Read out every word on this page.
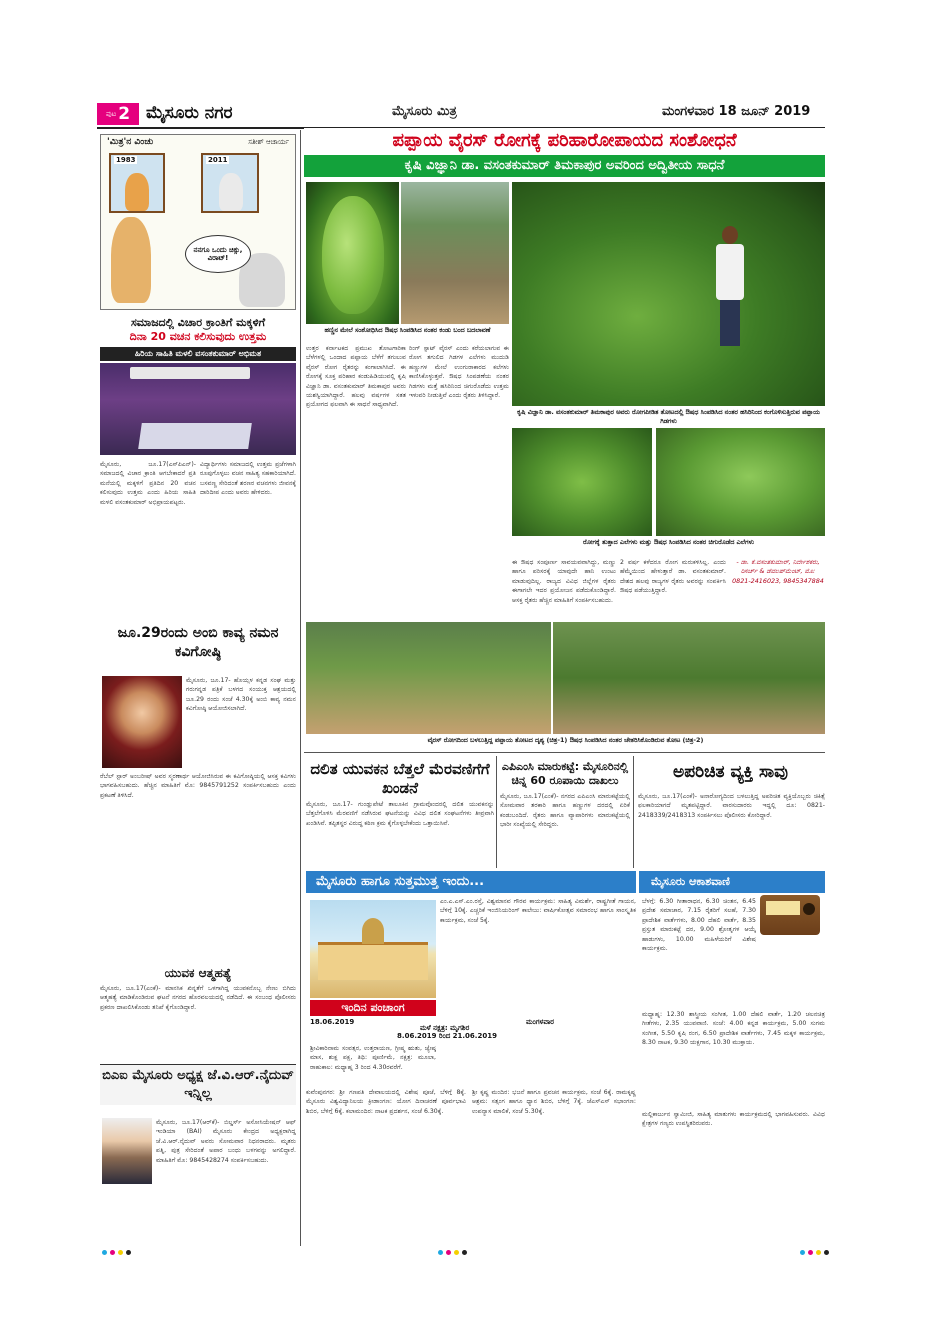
ಪುಟ 2 ಮೈಸೂರು ನಗರ	ಮೈಸೂರು ಮಿತ್ರ	ಮಂಗಳವಾರ 18 ಜೂನ್ 2019
'ಮಿತ್ರ'ನ ವಿಂಚು	ಸತೀಶ್ ಆಚಾರ್ಯ
1983	2011
ನನಗೂ ಒಂದು ಚಿಕ್ಸು, ವಿರಾಟ್!
ಸಮಾಜದಲ್ಲಿ ವಿಚಾರ ಕ್ರಾಂತಿಗೆ ಮಕ್ಕಳಿಗೆ
ದಿನಾ 20 ವಚನ ಕಲಿಸುವುದು ಉತ್ತಮ
ಹಿರಿಯ ಸಾಹಿತಿ ಮಳಲಿ ವಸಂತಕುಮಾರ್ ಅಭಿಮತ
ಮೈಸೂರು, ಜೂ.17(ಎಸ್‌ಪಿಎನ್)- ಸಮಾಜದಲ್ಲಿ ವಿಚಾರ ಕ್ರಾಂತಿ ಆಗಬೇಕಾದರೆ ಪ್ರತಿ ಮನೆಯಲ್ಲಿ ಮಕ್ಕಳಿಗೆ ಪ್ರತಿದಿನ 20 ವಚನ ಕಲಿಸುವುದು ಉತ್ತಮ ಎಂದು ಹಿರಿಯ ಸಾಹಿತಿ ಮಳಲಿ ವಸಂತಕುಮಾರ್ ಅಭಿಪ್ರಾಯಪಟ್ಟರು.
ವಿದ್ಯಾರ್ಥಿಗಳು ಸಮಾಜದಲ್ಲಿ ಉತ್ತಮ ಪ್ರಜೆಗಳಾಗಿ ರೂಪುಗೊಳ್ಳಲು ವಚನ ಸಾಹಿತ್ಯ ಸಹಕಾರಿಯಾಗಿದೆ. ಬಸವಣ್ಣ ಸೇರಿದಂತೆ ಶರಣರ ವಚನಗಳು ಜೀವನಕ್ಕೆ ದಾರಿದೀಪ ಎಂದು ಅವರು ಹೇಳಿದರು.
ಜೂ.29ರಂದು ಅಂಬಿ ಕಾವ್ಯ ನಮನ ಕವಿಗೋಷ್ಠಿ
ಮೈಸೂರು, ಜೂ.17- ಹೊಯ್ಸಳ ಕನ್ನಡ ಸಂಘ ಮತ್ತು ಗರುಗನ್ನಡ ಪತ್ರಿಕೆ ಬಳಗದ ಸಂಯುಕ್ತ ಆಶ್ರಯದಲ್ಲಿ ಜೂ.29 ರಂದು ಸಂಜೆ 4.30ಕ್ಕೆ ಅಂಬಿ ಕಾವ್ಯ ನಮನ ಕವಿಗೋಷ್ಠಿ ಆಯೋಜಿಸಲಾಗಿದೆ.
ರೆಬೆಲ್ ಸ್ಟಾರ್ ಅಂಬರೀಷ್ ಅವರ ಸ್ಮರಣಾರ್ಥ ಆಯೋಜಿಸಿರುವ ಈ ಕವಿಗೋಷ್ಠಿಯಲ್ಲಿ ಆಸಕ್ತ ಕವಿಗಳು ಭಾಗವಹಿಸಬಹುದು. ಹೆಚ್ಚಿನ ಮಾಹಿತಿಗೆ ಮೊ: 9845791252 ಸಂಪರ್ಕಿಸಬಹುದು ಎಂದು ಪ್ರಕಟಣೆ ತಿಳಿಸಿದೆ.
ಯುವಕ ಆತ್ಮಹತ್ಯೆ
ಮೈಸೂರು, ಜೂ.17(ಎಂಕೆ)- ಮಾನಸಿಕ ಖಿನ್ನತೆಗೆ ಒಳಗಾಗಿದ್ದ ಯುವಕನೊಬ್ಬ ನೇಣು ಬಿಗಿದು ಆತ್ಮಹತ್ಯೆ ಮಾಡಿಕೊಂಡಿರುವ ಘಟನೆ ನಗರದ ಹೊರವಲಯದಲ್ಲಿ ನಡೆದಿದೆ. ಈ ಸಂಬಂಧ ಪೊಲೀಸರು ಪ್ರಕರಣ ದಾಖಲಿಸಿಕೊಂಡು ತನಿಖೆ ಕೈಗೊಂಡಿದ್ದಾರೆ.
ಬಿಎಐ ಮೈಸೂರು ಅಧ್ಯಕ್ಷ ಜೆ.ವಿ.ಆರ್.ನೈದುವ್ ಇನ್ನಿಲ್ಲ
ಮೈಸೂರು, ಜೂ.17(ಆರ್‌ಕೆ)- ಬಿಲ್ಡರ್ಸ್ ಅಸೋಸಿಯೇಷನ್ ಆಫ್ ಇಂಡಿಯಾ (BAI) ಮೈಸೂರು ಕೇಂದ್ರದ ಅಧ್ಯಕ್ಷರಾಗಿದ್ದ ಜೆ.ವಿ.ಆರ್.ನೈದುವ್ ಅವರು ಸೋಮವಾರ ನಿಧನರಾದರು. ಮೃತರು ಪತ್ನಿ, ಪುತ್ರ ಸೇರಿದಂತೆ ಅಪಾರ ಬಂಧು ಬಳಗವನ್ನು ಅಗಲಿದ್ದಾರೆ. ಮಾಹಿತಿಗೆ ಮೊ: 9845428274 ಸಂಪರ್ಕಿಸಬಹುದು.
ಪಪ್ಪಾಯ ವೈರಸ್ ರೋಗಕ್ಕೆ ಪರಿಹಾರೋಪಾಯದ ಸಂಶೋಧನೆ
ಕೃಷಿ ವಿಜ್ಞಾನಿ ಡಾ. ವಸಂತಕುಮಾರ್ ತಿಮಕಾಪುರ ಅವರಿಂದ ಅದ್ವಿತೀಯ ಸಾಧನೆ
ಹಣ್ಣಿನ ಮೇಲೆ ಸಂಶೋಧಿಸಿದ ಔಷಧ ಸಿಂಪಡಿಸಿದ ನಂತರ ಕಂಡು ಬಂದ ಬದಲಾವಣೆ
ಉತ್ತರ ಕರ್ನಾಟಕದ ಪ್ರಮುಖ ತೋಟಗಾರಿಕಾ ಬೆಳೆಗಳಲ್ಲಿ ಒಂದಾದ ಪಪ್ಪಾಯ ಬೆಳೆಗೆ ತಗುಲುವ ವೈರಸ್ ರೋಗ ರೈತರನ್ನು ಕಂಗಾಲಾಗಿಸಿದೆ. ಈ ರೋಗಕ್ಕೆ ಸೂಕ್ತ ಪರಿಹಾರ ಕಂಡುಹಿಡಿಯುವಲ್ಲಿ ಕೃಷಿ ವಿಜ್ಞಾನಿ ಡಾ. ವಸಂತಕುಮಾರ್ ತಿಮಕಾಪುರ ಅವರು ಯಶಸ್ವಿಯಾಗಿದ್ದಾರೆ. ಹಲವು ವರ್ಷಗಳ ಸತತ ಪ್ರಯೋಗದ ಫಲವಾಗಿ ಈ ಸಾಧನೆ ಸಾಧ್ಯವಾಗಿದೆ.
ರಿಂಗ್ ಸ್ಪಾಟ್ ವೈರಸ್ ಎಂದು ಕರೆಯಲಾಗುವ ಈ ರೋಗ ತಗುಲಿದ ಗಿಡಗಳ ಎಲೆಗಳು ಮುದುಡಿ ಹಣ್ಣುಗಳ ಮೇಲೆ ಉಂಗುರಾಕಾರದ ಕಲೆಗಳು ಕಾಣಿಸಿಕೊಳ್ಳುತ್ತವೆ. ಔಷಧ ಸಿಂಪಡಣೆಯ ನಂತರ ಗಿಡಗಳು ಮತ್ತೆ ಹಸಿರಿನಿಂದ ಚಿಗುರೊಡೆದು ಉತ್ತಮ ಇಳುವರಿ ನೀಡುತ್ತಿವೆ ಎಂದು ರೈತರು ತಿಳಿಸಿದ್ದಾರೆ.
ಕೃಷಿ ವಿಜ್ಞಾನಿ ಡಾ. ವಸಂತಕುಮಾರ್ ತಿಮಕಾಪುರ ಅವರು ರೋಗಪೀಡಿತ ತೋಟದಲ್ಲಿ ಔಷಧ ಸಿಂಪಡಿಸಿದ ನಂತರ ಹಸಿರಿನಿಂದ ಕಂಗೊಳಿಸುತ್ತಿರುವ ಪಪ್ಪಾಯ ಗಿಡಗಳು
ರೋಗಕ್ಕೆ ತುತ್ತಾದ ಎಲೆಗಳು ಮತ್ತು ಔಷಧ ಸಿಂಪಡಿಸಿದ ನಂತರ ಚಿಗುರೊಡೆದ ಎಲೆಗಳು
ಈ ಔಷಧ ಸಂಪೂರ್ಣ ಸಾವಯವವಾಗಿದ್ದು, ಮಣ್ಣು ಹಾಗೂ ಪರಿಸರಕ್ಕೆ ಯಾವುದೇ ಹಾನಿ ಉಂಟು ಮಾಡುವುದಿಲ್ಲ. ರಾಜ್ಯದ ವಿವಿಧ ಜಿಲ್ಲೆಗಳ ರೈತರು ಈಗಾಗಲೇ ಇದರ ಪ್ರಯೋಜನ ಪಡೆದುಕೊಂಡಿದ್ದಾರೆ. ಆಸಕ್ತ ರೈತರು ಹೆಚ್ಚಿನ ಮಾಹಿತಿಗೆ ಸಂಪರ್ಕಿಸಬಹುದು.
2 ವರ್ಷ ಕಳೆದರೂ ರೋಗ ಮರುಕಳಿಸಿಲ್ಲ. ಎಂದು ಹೆಮ್ಮೆಯಿಂದ ಹೇಳುತ್ತಾರೆ ಡಾ. ವಸಂತಕುಮಾರ್. ದೇಶದ ಹಲವು ರಾಜ್ಯಗಳ ರೈತರು ಅವರನ್ನು ಸಂಪರ್ಕಿಸಿ ಔಷಧ ಪಡೆಯುತ್ತಿದ್ದಾರೆ.
- ಡಾ. ಕೆ.ವಸಂತಕುಮಾರ್, ನಿರ್ದೇಶಕರು, ರಿಸರ್ಚ್ & ಡೆವಲಪ್‌ಮೆಂಟ್, ಮೊ: 0821-2416023, 9845347884
ವೈರಸ್ ರೋಗದಿಂದ ಬಳಲುತ್ತಿದ್ದ ಪಪ್ಪಾಯ ತೋಟದ ದೃಶ್ಯ (ಚಿತ್ರ-1) ಔಷಧ ಸಿಂಪಡಿಸಿದ ನಂತರ ಚೇತರಿಸಿಕೊಂಡಿರುವ ತೋಟ (ಚಿತ್ರ-2)
ದಲಿತ ಯುವಕನ ಬೆತ್ತಲೆ ಮೆರವಣಿಗೆಗೆ ಖಂಡನೆ
ಮೈಸೂರು, ಜೂ.17- ಗುಂಡ್ಲುಪೇಟೆ ತಾಲೂಕಿನ ಗ್ರಾಮವೊಂದರಲ್ಲಿ ದಲಿತ ಯುವಕನನ್ನು ಬೆತ್ತಲೆಗೊಳಿಸಿ ಮೆರವಣಿಗೆ ನಡೆಸಿರುವ ಘಟನೆಯನ್ನು ವಿವಿಧ ದಲಿತ ಸಂಘಟನೆಗಳು ತೀವ್ರವಾಗಿ ಖಂಡಿಸಿವೆ. ತಪ್ಪಿತಸ್ಥರ ವಿರುದ್ಧ ಕಠಿಣ ಕ್ರಮ ಕೈಗೊಳ್ಳಬೇಕೆಂದು ಒತ್ತಾಯಿಸಿವೆ.
ಎಪಿಎಂಸಿ ಮಾರುಕಟ್ಟೆ: ಮೈಸೂರಿನಲ್ಲಿ ಚಿನ್ನ 60 ರೂಪಾಯಿ ದಾಖಲು
ಮೈಸೂರು, ಜೂ.17(ಎಂಕೆ)- ನಗರದ ಎಪಿಎಂಸಿ ಮಾರುಕಟ್ಟೆಯಲ್ಲಿ ಸೋಮವಾರ ತರಕಾರಿ ಹಾಗೂ ಹಣ್ಣುಗಳ ದರದಲ್ಲಿ ಏರಿಕೆ ಕಂಡುಬಂದಿದೆ. ರೈತರು ಹಾಗೂ ವ್ಯಾಪಾರಿಗಳು ಮಾರುಕಟ್ಟೆಯಲ್ಲಿ ಭಾರೀ ಸಂಖ್ಯೆಯಲ್ಲಿ ಸೇರಿದ್ದರು.
ಅಪರಿಚಿತ ವ್ಯಕ್ತಿ ಸಾವು
ಮೈಸೂರು, ಜೂ.17(ಎಂಕೆ)- ಅನಾರೋಗ್ಯದಿಂದ ಬಳಲುತ್ತಿದ್ದ ಅಪರಿಚಿತ ವ್ಯಕ್ತಿಯೊಬ್ಬರು ಚಿಕಿತ್ಸೆ ಫಲಕಾರಿಯಾಗದೆ ಮೃತಪಟ್ಟಿದ್ದಾರೆ. ವಾರಸುದಾರರು ಇದ್ದಲ್ಲಿ ದೂ: 0821-2418339/2418313 ಸಂಪರ್ಕಿಸಲು ಪೊಲೀಸರು ಕೋರಿದ್ದಾರೆ.
ಮೈಸೂರು ಹಾಗೂ ಸುತ್ತಮುತ್ತ ಇಂದು...
ಇಂದಿನ ಪಂಚಾಂಗ
18.06.2019
ಮಳೆ ನಕ್ಷತ್ರ: ಮೃಗಶಿರ
ಮಂಗಳವಾರ
8.06.2019 ರಿಂದ 21.06.2019
ಶ್ರೀವಿಕಾರಿನಾಮ ಸಂವತ್ಸರ, ಉತ್ತರಾಯಣ, ಗ್ರೀಷ್ಮ ಋತು, ಜ್ಯೇಷ್ಠ ಮಾಸ, ಶುಕ್ಲ ಪಕ್ಷ, ತಿಥಿ: ಪೂರ್ಣಿಮೆ, ನಕ್ಷತ್ರ: ಮೂಲಾ, ರಾಹುಕಾಲ: ಮಧ್ಯಾಹ್ನ 3 ರಿಂದ 4.30ರವರೆಗೆ.
ಎಂ.ಎ.ಎಸ್.ಎಂ.ರಸ್ತೆ, ವಿಶ್ವಮಾನವ ಗೌರವ ಕಾರ್ಯಕ್ರಮ: ಸಾಹಿತ್ಯ ವಿಮರ್ಶೆ, ರಾಷ್ಟ್ರಗೀತೆ ಗಾಯನ, ಬೆಳಿಗ್ಗೆ 10ಕ್ಕೆ. ಎಚ್ಚರಿಕೆ ಇಂಜಿನಿಯರಿಂಗ್ ಕಾಲೇಜು: ವಾರ್ಷಿಕೋತ್ಸವ ಸಮಾರಂಭ ಹಾಗೂ ಸಾಂಸ್ಕೃತಿಕ ಕಾರ್ಯಕ್ರಮ, ಸಂಜೆ 5ಕ್ಕೆ.
ಕುವೆಂಪುನಗರ: ಶ್ರೀ ಗಣಪತಿ ದೇವಾಲಯದಲ್ಲಿ ವಿಶೇಷ ಪೂಜೆ, ಬೆಳಿಗ್ಗೆ 8ಕ್ಕೆ. ಮೈಸೂರು ವಿಶ್ವವಿದ್ಯಾನಿಲಯ ಕ್ರೀಡಾಂಗಣ: ಯೋಗ ದಿನಾಚರಣೆ ಪೂರ್ವಭಾವಿ ಶಿಬಿರ, ಬೆಳಿಗ್ಗೆ 6ಕ್ಕೆ. ಕಲಾಮಂದಿರ: ನಾಟಕ ಪ್ರದರ್ಶನ, ಸಂಜೆ 6.30ಕ್ಕೆ.
ಶ್ರೀ ಕೃಷ್ಣ ಮಂದಿರ: ಭಜನೆ ಹಾಗೂ ಪ್ರವಚನ ಕಾರ್ಯಕ್ರಮ, ಸಂಜೆ 6ಕ್ಕೆ. ರಾಮಕೃಷ್ಣ ಆಶ್ರಮ: ಸತ್ಸಂಗ ಹಾಗೂ ಧ್ಯಾನ ಶಿಬಿರ, ಬೆಳಿಗ್ಗೆ 7ಕ್ಕೆ. ಜೆಎಸ್‌ಎಸ್ ಸಭಾಂಗಣ: ಉಪನ್ಯಾಸ ಮಾಲಿಕೆ, ಸಂಜೆ 5.30ಕ್ಕೆ.
ಮೈಸೂರು ಆಕಾಶವಾಣಿ
ಬೆಳಗ್ಗೆ: 6.30 ಗೀತಾರಾಧನ, 6.30 ಚಿಂತನ, 6.45 ಪ್ರದೇಶ ಸಮಾಚಾರ, 7.15 ರೈತರಿಗೆ ಸಲಹೆ, 7.30 ಪ್ರಾದೇಶಿಕ ವಾರ್ತೆಗಳು, 8.00 ದೆಹಲಿ ವಾರ್ತೆ, 8.35 ಪ್ರಸ್ತುತ ಮಾರುಕಟ್ಟೆ ದರ, 9.00 ಶ್ರೋತೃಗಳ ಆಯ್ಕೆ ಹಾಡುಗಳು, 10.00 ಮಹಿಳೆಯರಿಗೆ ವಿಶೇಷ ಕಾರ್ಯಕ್ರಮ.
ಮಧ್ಯಾಹ್ನ: 12.30 ಶಾಸ್ತ್ರೀಯ ಸಂಗೀತ, 1.00 ದೆಹಲಿ ವಾರ್ತೆ, 1.20 ಚಲನಚಿತ್ರ ಗೀತೆಗಳು, 2.35 ಯುವವಾಣಿ. ಸಂಜೆ: 4.00 ಕನ್ನಡ ಕಾರ್ಯಕ್ರಮ, 5.00 ಸುಗಮ ಸಂಗೀತ, 5.50 ಕೃಷಿ ರಂಗ, 6.50 ಪ್ರಾದೇಶಿಕ ವಾರ್ತೆಗಳು, 7.45 ಮಕ್ಕಳ ಕಾರ್ಯಕ್ರಮ, 8.30 ನಾಟಕ, 9.30 ಯಕ್ಷಗಾನ, 10.30 ಮುಕ್ತಾಯ.
ಮಲ್ಲಿಕಾರ್ಜುನ ಸ್ವಾಮೀಜಿ, ಸಾಹಿತ್ಯ ಮಾತುಗಳು ಕಾರ್ಯಕ್ರಮದಲ್ಲಿ ಭಾಗವಹಿಸುವರು. ವಿವಿಧ ಕ್ಷೇತ್ರಗಳ ಗಣ್ಯರು ಉಪಸ್ಥಿತರಿರುವರು.
